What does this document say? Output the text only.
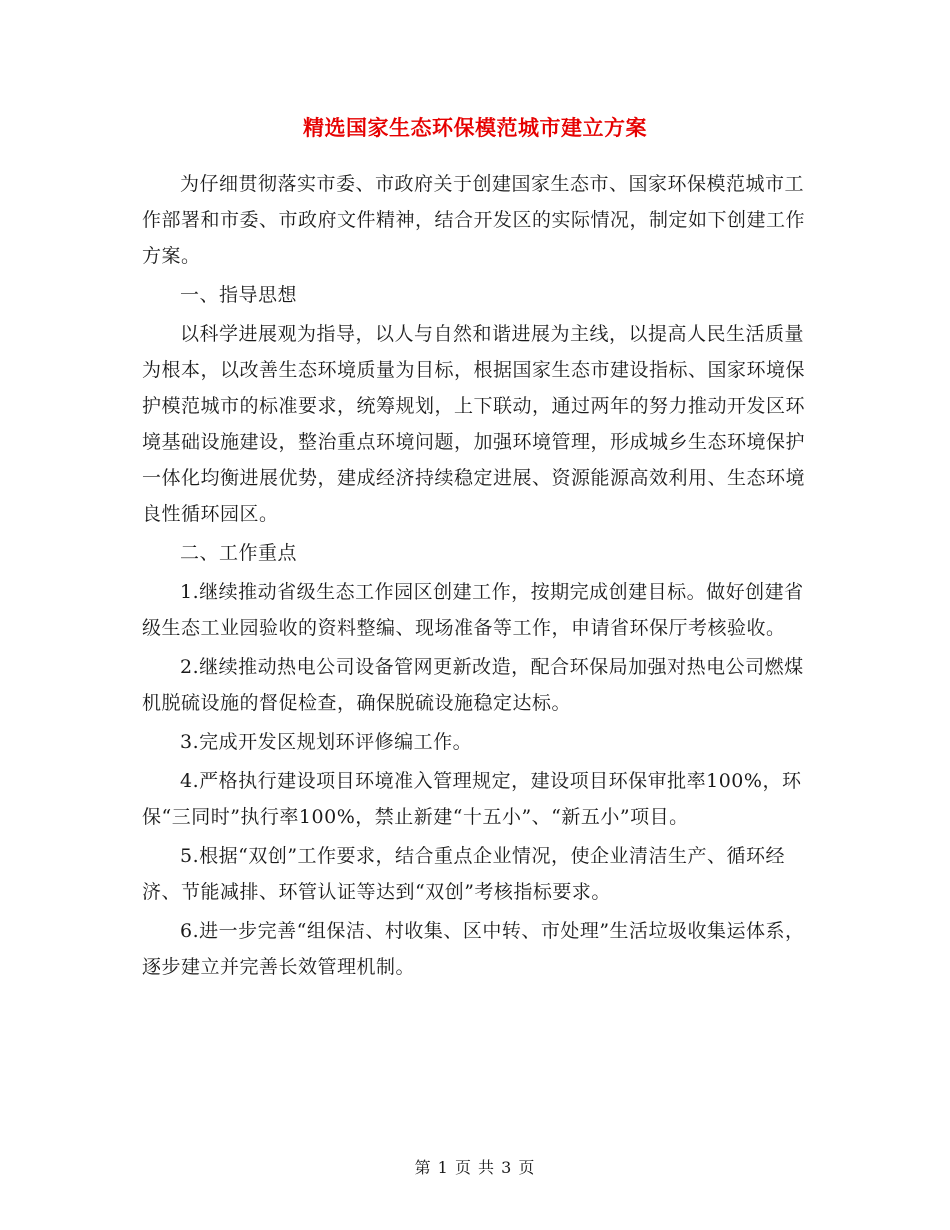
精选国家生态环保模范城市建立方案

为仔细贯彻落实市委、市政府关于创建国家生态市、国家环保模范城市工作部署和市委、市政府文件精神，结合开发区的实际情况，制定如下创建工作方案。

一、指导思想

以科学进展观为指导，以人与自然和谐进展为主线，以提高人民生活质量为根本，以改善生态环境质量为目标，根据国家生态市建设指标、国家环境保护模范城市的标准要求，统筹规划，上下联动，通过两年的努力推动开发区环境基础设施建设，整治重点环境问题，加强环境管理，形成城乡生态环境保护一体化均衡进展优势，建成经济持续稳定进展、资源能源高效利用、生态环境良性循环园区。

二、工作重点

1.继续推动省级生态工作园区创建工作，按期完成创建目标。做好创建省级生态工业园验收的资料整编、现场准备等工作，申请省环保厅考核验收。

2.继续推动热电公司设备管网更新改造，配合环保局加强对热电公司燃煤机脱硫设施的督促检查，确保脱硫设施稳定达标。

3.完成开发区规划环评修编工作。

4.严格执行建设项目环境准入管理规定，建设项目环保审批率100%，环保“三同时”执行率100%，禁止新建“十五小”、“新五小”项目。

5.根据“双创”工作要求，结合重点企业情况，使企业清洁生产、循环经济、节能减排、环管认证等达到“双创”考核指标要求。

6.进一步完善“组保洁、村收集、区中转、市处理”生活垃圾收集运体系，逐步建立并完善长效管理机制。

第 1 页 共 3 页
